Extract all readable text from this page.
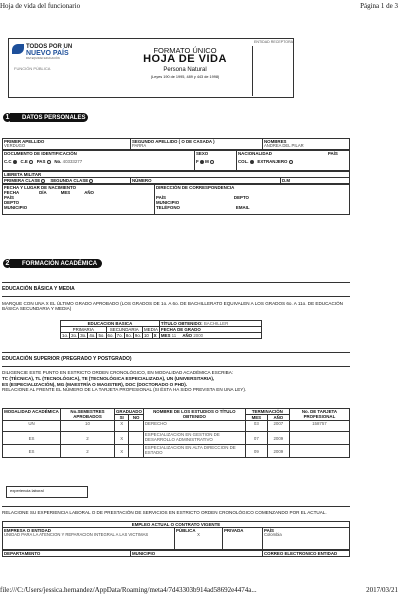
Hoja de vida del funcionario	Página 1 de 3
TODOS POR UN
NUEVO PAÍS
PAZ EQUIDAD EDUCACIÓN
FUNCIÓN PÚBLICA
FORMATO ÚNICO
HOJA DE VIDA
Persona Natural
(Leyes 190 de 1995, 489 y 443 de 1998)
ENTIDAD RECEPTORA
1	DATOS PERSONALES
PRIMER APELLIDO
VERDUGO

SEGUNDO APELLIDO ( O DE CASADA )
PARRA

NOMBRES
ANDREA DEL PILAR
DOCUMENTO DE IDENTIFICACIÓN
C.C C.E PAS No. 40333277

SEXO
F M

NACIONALIDAD	PAÍS
COL. EXTRANJERO
LIBRETA MILITAR
PRIMERA CLASE SEGUNDA CLASE	NÚMERO	D.M
FECHA Y LUGAR DE NACIMIENTO
FECHA	DÍA	MES	AÑO
PAÍS
DEPTO
MUNICIPIO

DIRECCIÓN DE CORRESPONDENCIA
PAÍS	DEPTO
MUNICIPIO
TELÉFONO	EMAIL
2	FORMACIÓN ACADÉMICA
EDUCACIÓN BÁSICA Y MEDIA
MARQUE CON UNA X EL ÚLTIMO GRADO APROBADO (LOS GRADOS DE 1o. A 6o. DE BACHILLERATO EQUIVALEN A LOS GRADOS 6o. A 11o. DE EDUCACIÓN BÁSICA SECUNDARIA Y MEDIA)
EDUCACION BASICA											TÍTULO OBTENIDO: BACHILLER
PRIMARIA					SECUNDARIA				MEDIA		FECHA DE GRADO
1o.	2o.	3o.	4o.	5o.	6o.	7o.	8o.	9o.	10	X	MES 11 AÑO 2000
EDUCACIÓN SUPERIOR (PREGRADO Y POSTGRADO)
DILIGENCIE ESTE PUNTO EN ESTRICTO ORDEN CRONOLÓGICO, EN MODALIDAD ACADÉMICA ESCRIBA:
TC (TÉCNICA), TL (TECNOLÓGICA), TE (TECNOLÓGICA ESPECIALIZADA), UN (UNIVERSITARIA),
ES (ESPECIALIZACIÓN), MG (MAESTRÍA O MAGISTER), DOC (DOCTORADO O PHD).
RELACIONE AL FRENTE EL NÚMERO DE LA TARJETA PROFESIONAL (SI ÉSTA HA SIDO PREVISTA EN UNA LEY).
MODALIDAD ACADÉMICA	No.SEMESTRES APROBADOS	GRADUADO		NOMBRE DE LOS ESTUDIOS O TÍTULO OBTENIDO	TERMINACIÓN		No. DE TARJETA PROFESIONAL
		SI	NO		MES	AÑO	
UN	10	X		DERECHO	03	2007	158757
ES	2	X		ESPECIALIZACION EN GESTION DE DESARROLLO ADMINISTRATIVO	07	2009	
ES	2	X		ESPECIALIZACION EN ALTA DIRECCION DE ESTADO	09	2009	
experiencia laboral
RELACIONE SU EXPERIENCIA LABORAL O DE PRESTACIÓN DE SERVICIOS EN ESTRICTO ORDEN CRONOLÓGICO COMENZANDO POR EL ACTUAL.
EMPLEO ACTUAL O CONTRATO VIGENTE

EMPRESA O ENTIDAD
UNIDAD PARA LA ATENCION Y REPARACION INTEGRAL A LAS VICTIMAS

PÚBLICA
X
	PRIVADA	PAÍS
Colombia
DEPARTAMENTO	MUNICIPIO	CORREO ELECTRONICO ENTIDAD
file:///C:/Users/jessica.hernandez/AppData/Roaming/meta4/7d43303b914ad58692e4474a...	2017/03/21
